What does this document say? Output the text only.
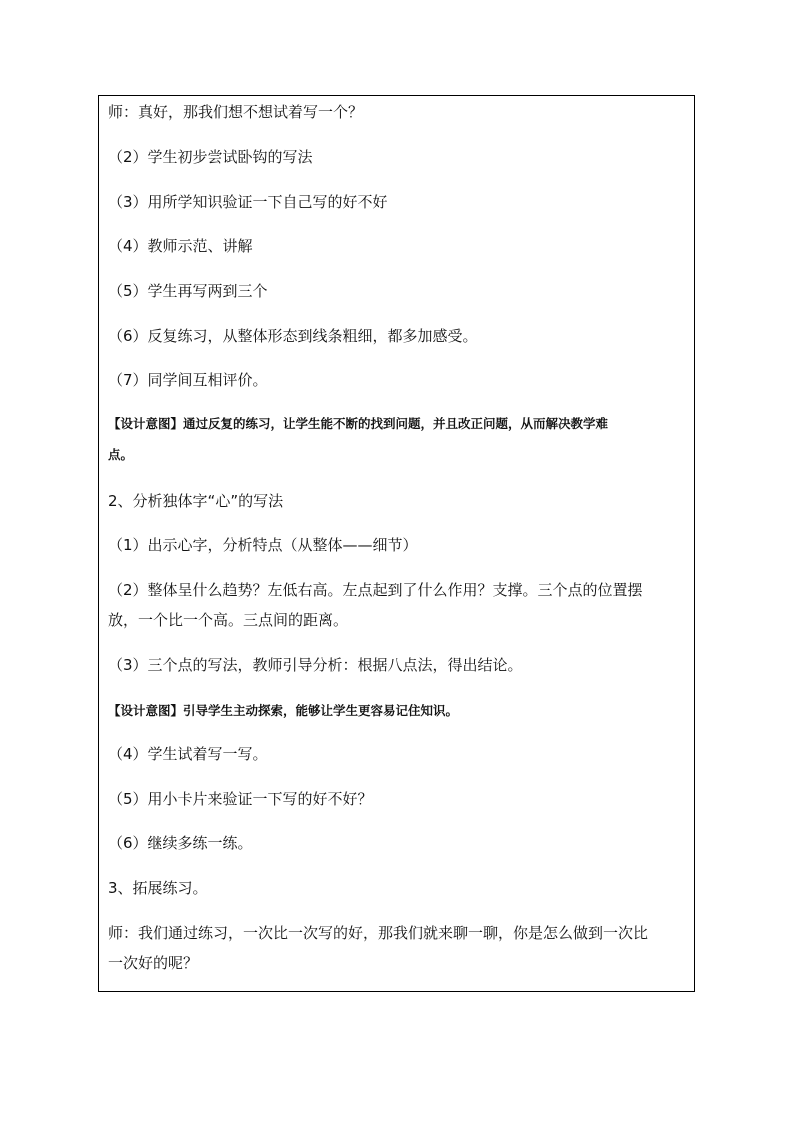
师：真好，那我们想不想试着写一个？
（2）学生初步尝试卧钩的写法
（3）用所学知识验证一下自己写的好不好
（4）教师示范、讲解
（5）学生再写两到三个
（6）反复练习，从整体形态到线条粗细，都多加感受。
（7）同学间互相评价。
【设计意图】通过反复的练习，让学生能不断的找到问题，并且改正问题，从而解决教学难
点。
2、分析独体字“心”的写法
（1）出示心字，分析特点（从整体——细节）
（2）整体呈什么趋势？左低右高。左点起到了什么作用？支撑。三个点的位置摆
放，一个比一个高。三点间的距离。
（3）三个点的写法，教师引导分析：根据八点法，得出结论。
【设计意图】引导学生主动探索，能够让学生更容易记住知识。
（4）学生试着写一写。
（5）用小卡片来验证一下写的好不好？
（6）继续多练一练。
3、拓展练习。
师：我们通过练习，一次比一次写的好，那我们就来聊一聊，你是怎么做到一次比
一次好的呢？
